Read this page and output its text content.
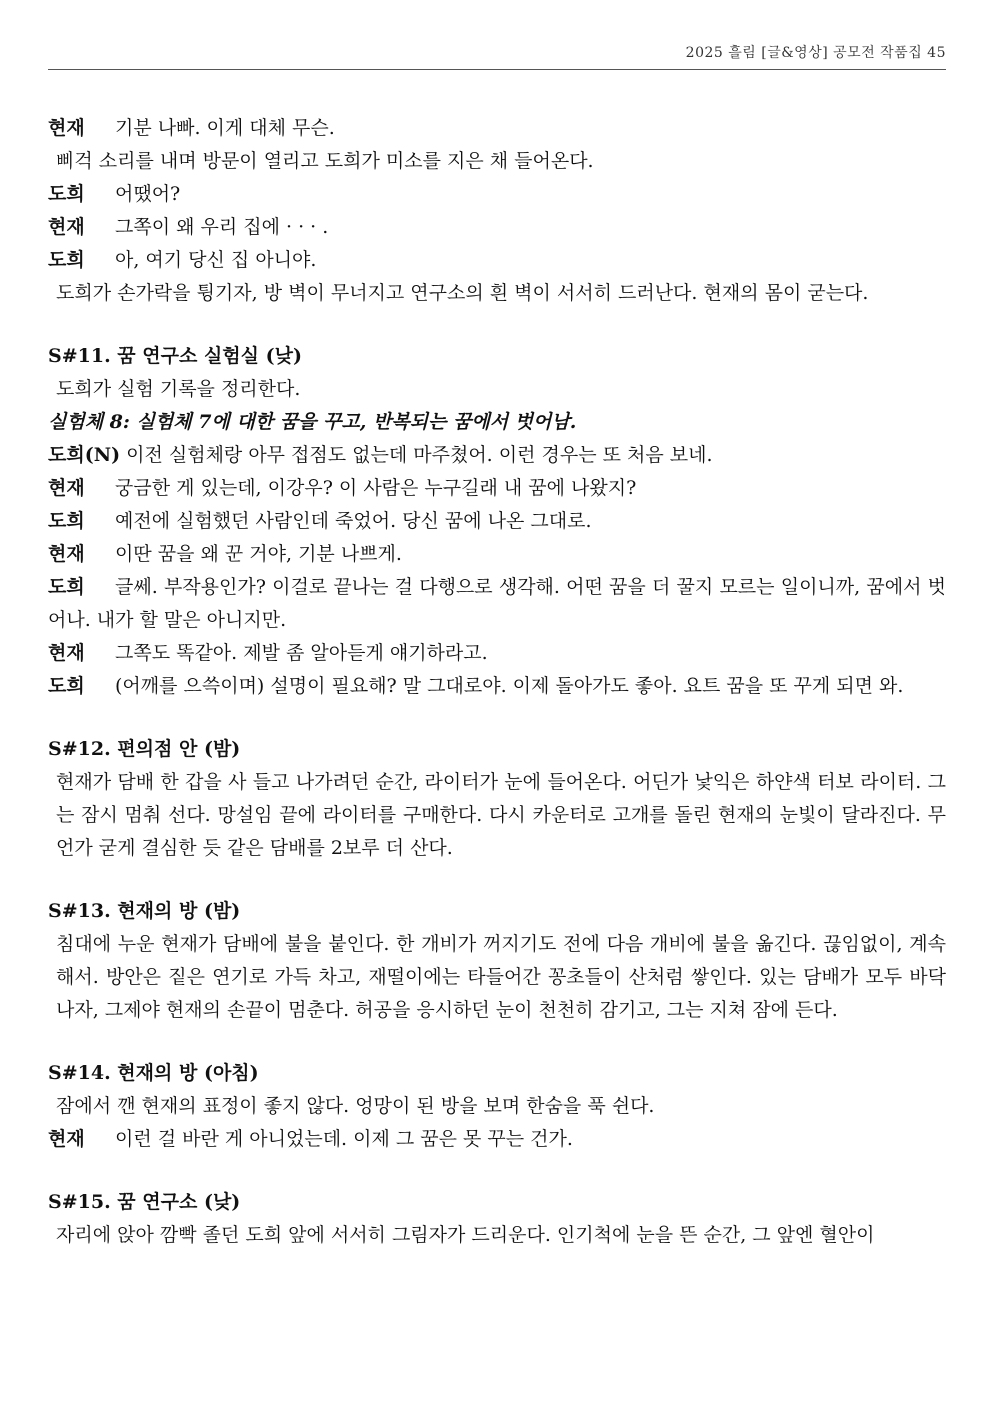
2025 흘림 [글&영상] 공모전 작품집 45
현재 기분 나빠. 이게 대체 무슨.
삐걱 소리를 내며 방문이 열리고 도희가 미소를 지은 채 들어온다.
도희 어땠어?
현재 그쪽이 왜 우리 집에 · · · .
도희 아, 여기 당신 집 아니야.
도희가 손가락을 튕기자, 방 벽이 무너지고 연구소의 흰 벽이 서서히 드러난다. 현재의 몸이 굳는다.
S#11. 꿈 연구소 실험실 (낮)
도희가 실험 기록을 정리한다.
실험체 8: 실험체 7에 대한 꿈을 꾸고, 반복되는 꿈에서 벗어남.
도희(N) 이전 실험체랑 아무 접점도 없는데 마주쳤어. 이런 경우는 또 처음 보네.
현재 궁금한 게 있는데, 이강우? 이 사람은 누구길래 내 꿈에 나왔지?
도희 예전에 실험했던 사람인데 죽었어. 당신 꿈에 나온 그대로.
현재 이딴 꿈을 왜 꾼 거야, 기분 나쁘게.
도희 글쎄. 부작용인가? 이걸로 끝나는 걸 다행으로 생각해. 어떤 꿈을 더 꿀지 모르는 일이니까, 꿈에서 벗어나. 내가 할 말은 아니지만.
현재 그쪽도 똑같아. 제발 좀 알아듣게 얘기하라고.
도희 (어깨를 으쓱이며) 설명이 필요해? 말 그대로야. 이제 돌아가도 좋아. 요트 꿈을 또 꾸게 되면 와.
S#12. 편의점 안 (밤)
현재가 담배 한 갑을 사 들고 나가려던 순간, 라이터가 눈에 들어온다. 어딘가 낯익은 하얀색 터보 라이터. 그는 잠시 멈춰 선다. 망설임 끝에 라이터를 구매한다. 다시 카운터로 고개를 돌린 현재의 눈빛이 달라진다. 무언가 굳게 결심한 듯 같은 담배를 2보루 더 산다.
S#13. 현재의 방 (밤)
침대에 누운 현재가 담배에 불을 붙인다. 한 개비가 꺼지기도 전에 다음 개비에 불을 옮긴다. 끊임없이, 계속해서. 방안은 짙은 연기로 가득 차고, 재떨이에는 타들어간 꽁초들이 산처럼 쌓인다. 있는 담배가 모두 바닥나자, 그제야 현재의 손끝이 멈춘다. 허공을 응시하던 눈이 천천히 감기고, 그는 지쳐 잠에 든다.
S#14. 현재의 방 (아침)
잠에서 깬 현재의 표정이 좋지 않다. 엉망이 된 방을 보며 한숨을 푹 쉰다.
현재 이런 걸 바란 게 아니었는데. 이제 그 꿈은 못 꾸는 건가.
S#15. 꿈 연구소 (낮)
자리에 앉아 깜빡 졸던 도희 앞에 서서히 그림자가 드리운다. 인기척에 눈을 뜬 순간, 그 앞엔 혈안이
